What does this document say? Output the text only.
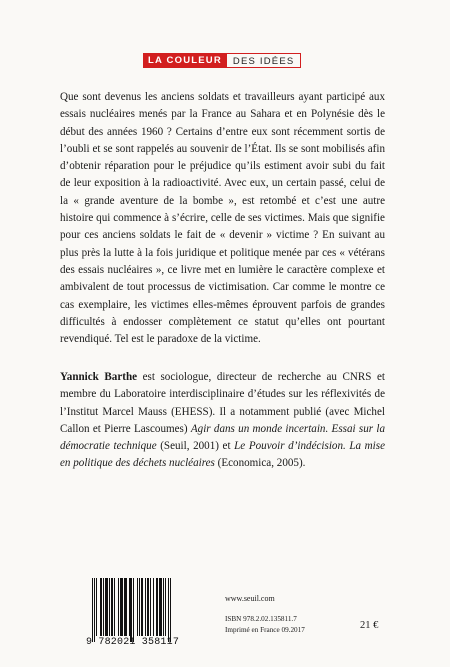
LA COULEUR	DES IDÉES
Que sont devenus les anciens soldats et travailleurs ayant participé aux essais nucléaires menés par la France au Sahara et en Polynésie dès le début des années 1960 ? Certains d’entre eux sont récemment sortis de l’oubli et se sont rappelés au souvenir de l’État. Ils se sont mobilisés afin d’obtenir réparation pour le préjudice qu’ils estiment avoir subi du fait de leur exposition à la radioactivité. Avec eux, un certain passé, celui de la « grande aventure de la bombe », est retombé et c’est une autre histoire qui commence à s’écrire, celle de ses victimes. Mais que signifie pour ces anciens soldats le fait de « devenir » victime ? En suivant au plus près la lutte à la fois juridique et politique menée par ces « vétérans des essais nucléaires », ce livre met en lumière le caractère complexe et ambivalent de tout processus de victimisation. Car comme le montre ce cas exemplaire, les victimes elles-mêmes éprouvent parfois de grandes difficultés à endosser complètement ce statut qu’elles ont pourtant revendiqué. Tel est le paradoxe de la victime.
Yannick Barthe est sociologue, directeur de recherche au CNRS et membre du Laboratoire interdisciplinaire d’études sur les réflexivités de l’Institut Marcel Mauss (EHESS). Il a notamment publié (avec Michel Callon et Pierre Lascoumes) Agir dans un monde incertain. Essai sur la démocratie technique (Seuil, 2001) et Le Pouvoir d’indécision. La mise en politique des déchets nucléaires (Economica, 2005).
9 782021 358117
www.seuil.com
ISBN 978.2.02.135811.7
Imprimé en France 09.2017	21 €
